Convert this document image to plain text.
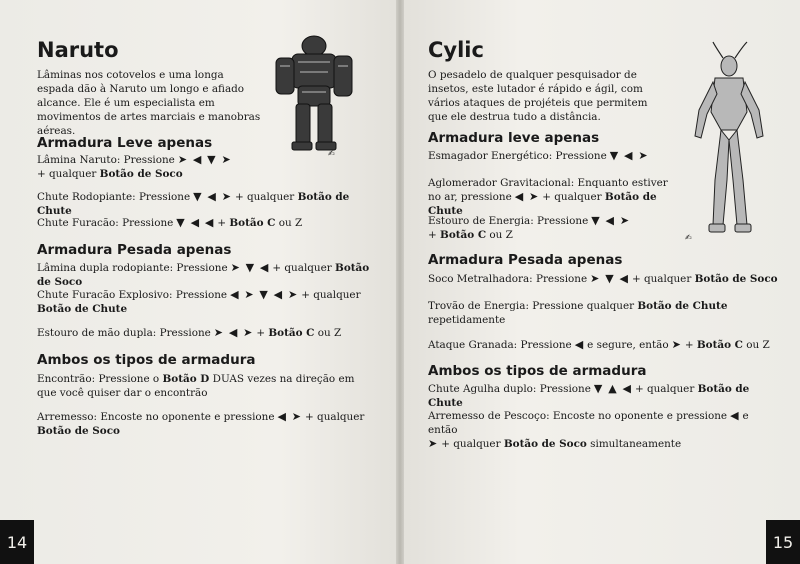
Naruto

Lâminas nos cotovelos e uma longa espada dão à Naruto um longo e afiado alcance. Ele é um especialista em movimentos de artes marciais e manobras aéreas.

✍
Armadura Leve apenas

Lâmina Naruto: Pressione ➤ ◀ ▼ ➤
+ qualquer Botão de Soco

Chute Rodopiante: Pressione ▼ ◀ ➤ + qualquer Botão de Chute

Chute Furacão: Pressione ▼ ◀ ◀ + Botão C ou Z

Armadura Pesada apenas

Lâmina dupla rodopiante: Pressione ➤ ▼ ◀ + qualquer Botão de Soco

Chute Furacão Explosivo: Pressione ◀ ➤ ▼ ◀ ➤ + qualquer Botão de Chute

Estouro de mão dupla: Pressione ➤ ◀ ➤ + Botão C ou Z

Ambos os tipos de armadura

Encontrão: Pressione o Botão D DUAS vezes na direção em que você quiser dar o encontrão

Arremesso: Encoste no oponente e pressione ◀ ➤ + qualquer Botão de Soco

14
Cylic

O pesadelo de qualquer pesquisador de insetos, este lutador é rápido e ágil, com vários ataques de projéteis que permitem que ele destrua tudo a distância.

✍
Armadura leve apenas

Esmagador Energético: Pressione ▼ ◀ ➤

Aglomerador Gravitacional: Enquanto estiver no ar, pressione ◀ ➤ + qualquer Botão de Chute

Estouro de Energia: Pressione ▼ ◀ ➤
+ Botão C ou Z

Armadura Pesada apenas

Soco Metralhadora: Pressione ➤ ▼ ◀ + qualquer Botão de Soco

Trovão de Energia: Pressione qualquer Botão de Chute
repetidamente

Ataque Granada: Pressione ◀ e segure, então ➤ + Botão C ou Z

Ambos os tipos de armadura

Chute Agulha duplo: Pressione ▼ ▲ ◀ + qualquer Botão de Chute

Arremesso de Pescoço: Encoste no oponente e pressione ◀ e então
➤ + qualquer Botão de Soco simultaneamente

15
